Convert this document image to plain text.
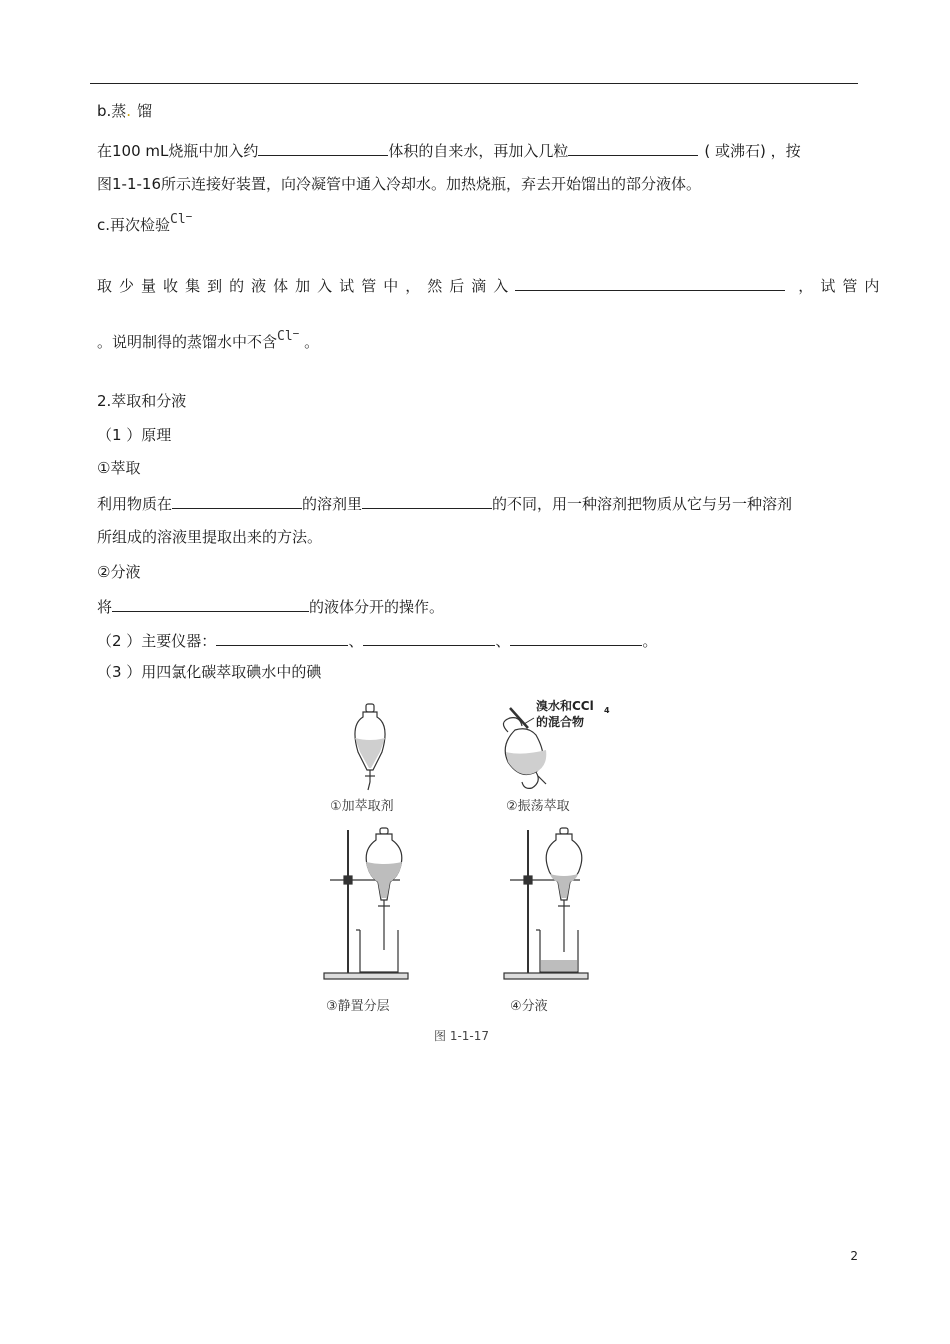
b.蒸. 馏
在100 mL烧瓶中加入约	体积的自来水，再加入几粒	( 或沸石) ，按
图1-1-16所示连接好装置，向冷凝管中通入冷却水。加热烧瓶，弃去开始馏出的部分液体。
c.再次检验Cl−
取 少 量 收 集 到 的 液 体 加 入 试 管 中 ， 然 后 滴 入	， 试 管 内
。说明制得的蒸馏水中不含Cl− 。
2.萃取和分液
（1 ）原理
①萃取
利用物质在	的溶剂里	的不同，用一种溶剂把物质从它与另一种溶剂
所组成的溶液里提取出来的方法。
②分液
将	的液体分开的操作。
（2 ）主要仪器：	、	、	。
（3 ）用四氯化碳萃取碘水中的碘
溴水和CCl 4
的混合物
①加萃取剂	②振荡萃取
③静置分层	④分液
图 1-1-17
2
